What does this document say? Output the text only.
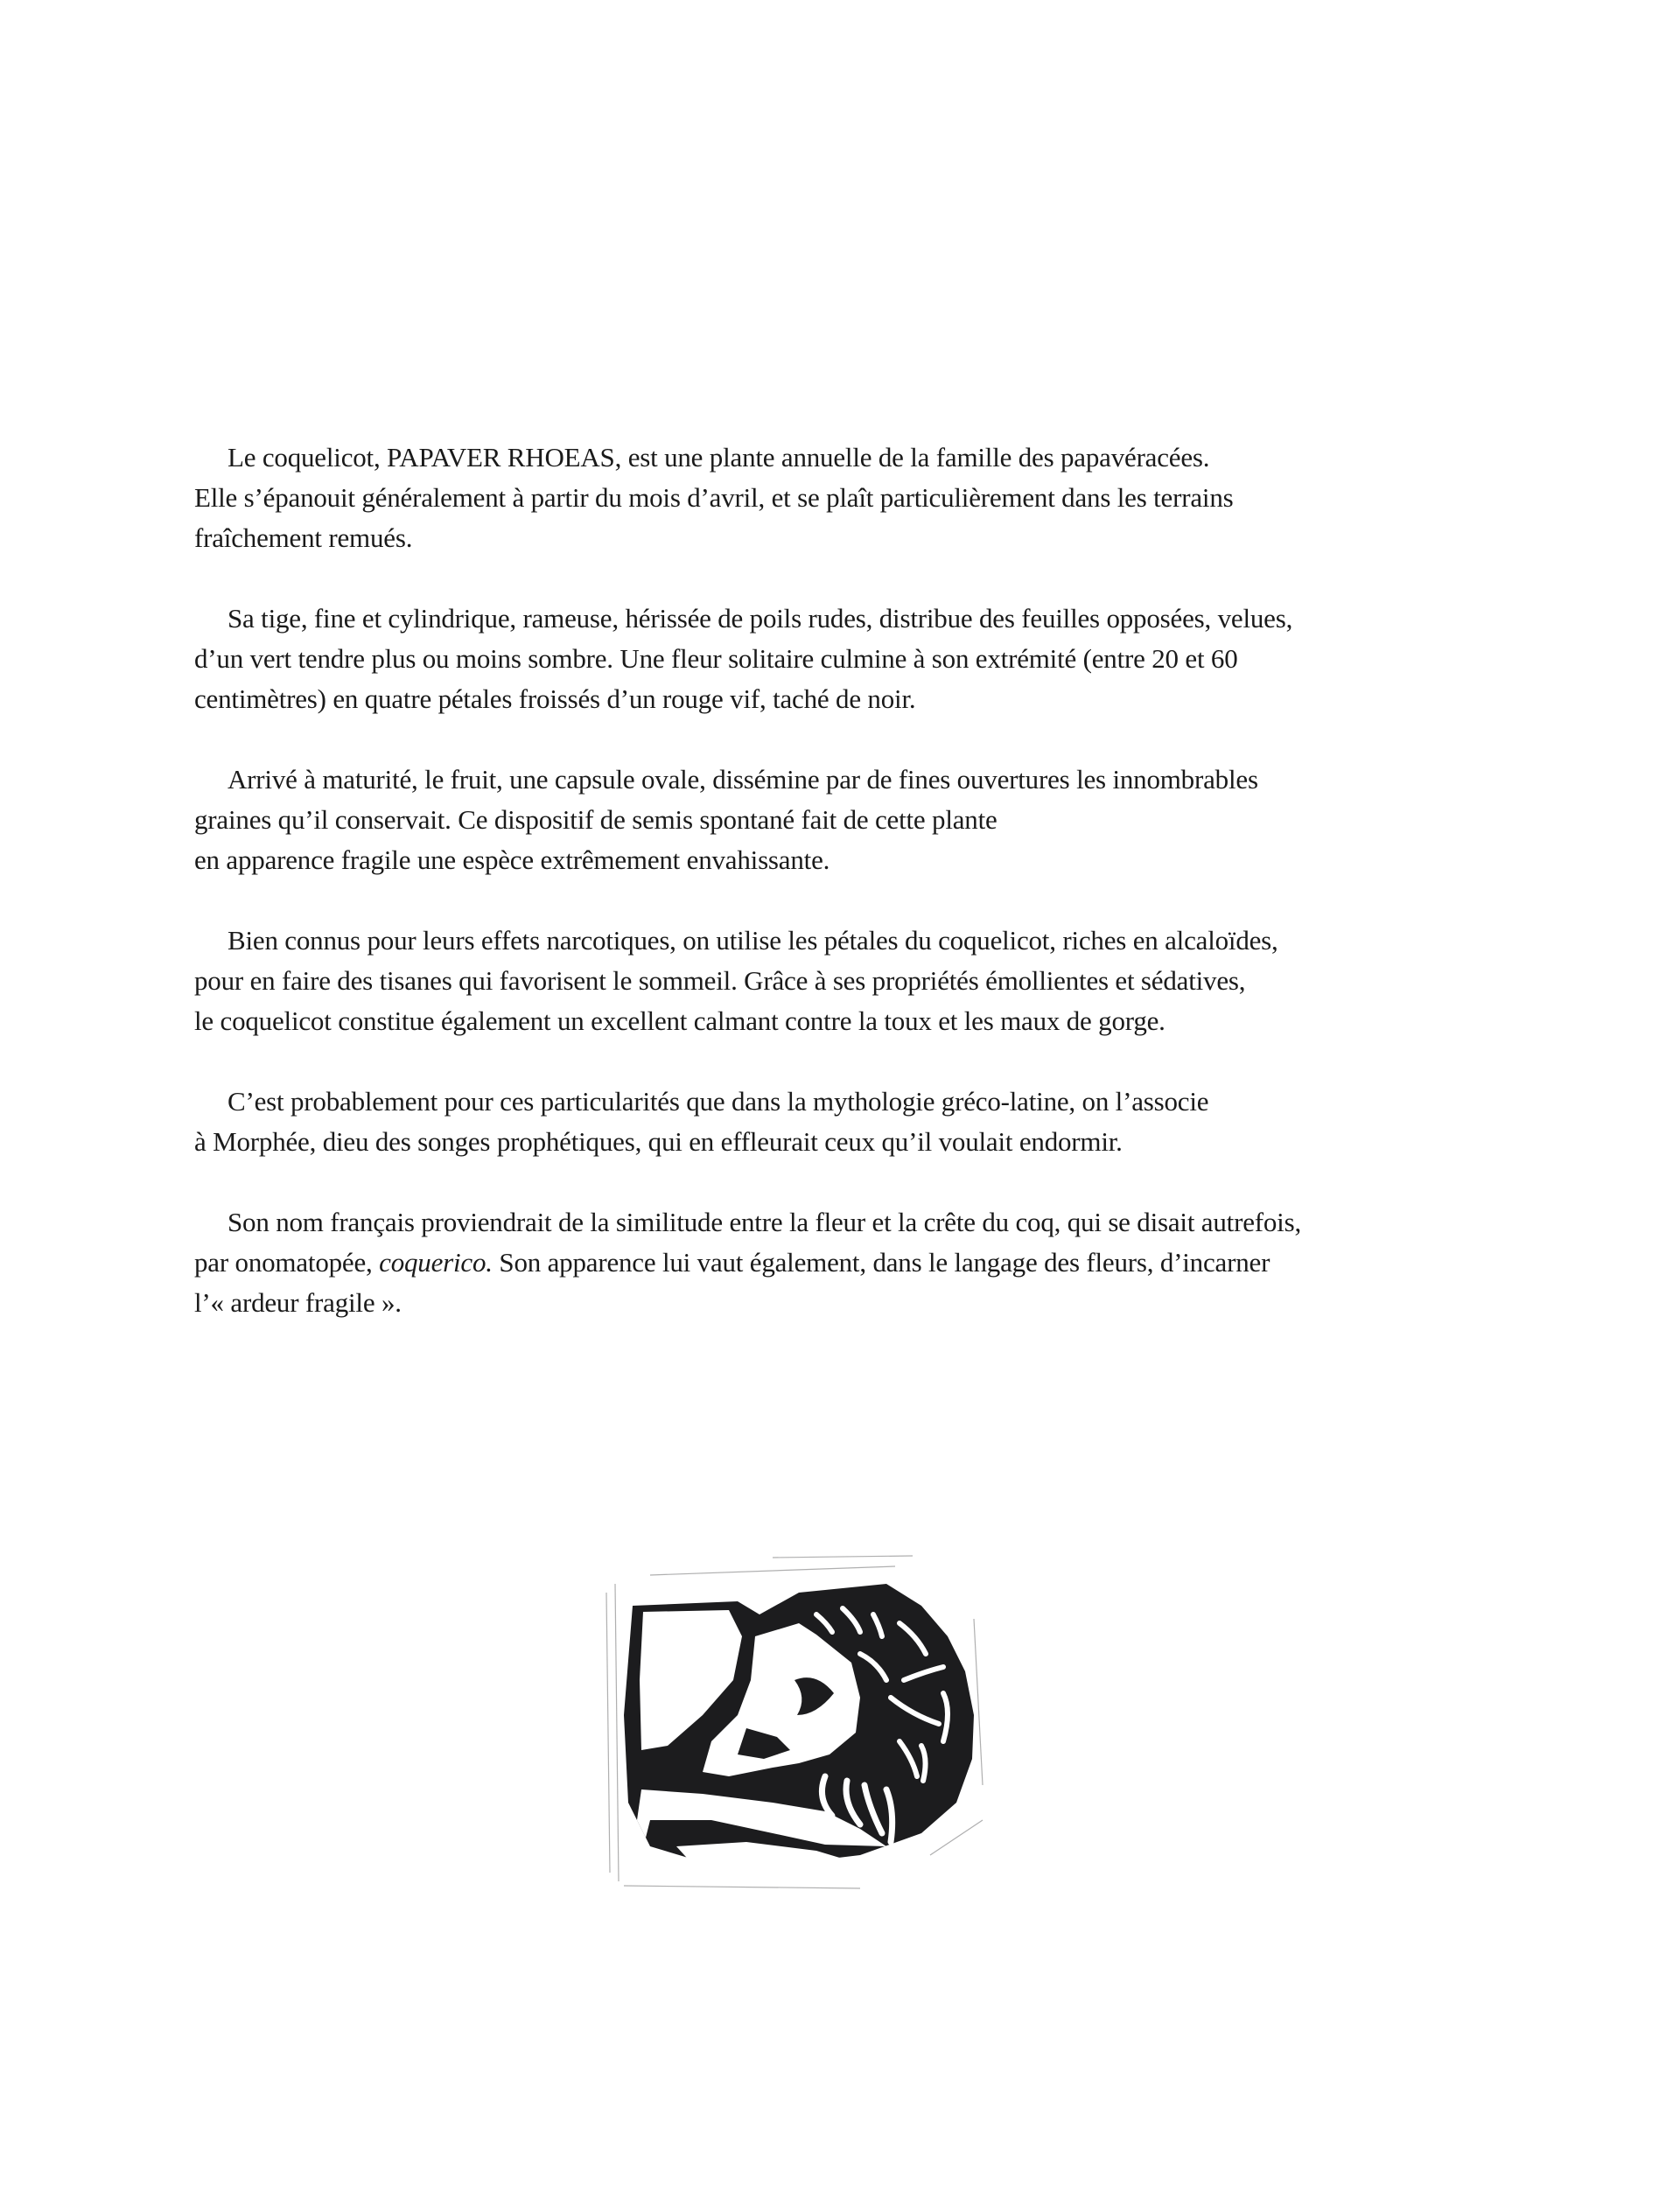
Le coquelicot, PAPAVER RHOEAS, est une plante annuelle de la famille des papavéracées.
Elle s’épanouit généralement à partir du mois d’avril, et se plaît particulièrement dans les terrains
fraîchement remués.

Sa tige, fine et cylindrique, rameuse, hérissée de poils rudes, distribue des feuilles opposées, velues,
d’un vert tendre plus ou moins sombre. Une fleur solitaire culmine à son extrémité (entre 20 et 60
centimètres) en quatre pétales froissés d’un rouge vif, taché de noir.

Arrivé à maturité, le fruit, une capsule ovale, dissémine par de fines ouvertures les innombrables
graines qu’il conservait. Ce dispositif de semis spontané fait de cette plante
en apparence fragile une espèce extrêmement envahissante.

Bien connus pour leurs effets narcotiques, on utilise les pétales du coquelicot, riches en alcaloïdes,
pour en faire des tisanes qui favorisent le sommeil. Grâce à ses propriétés émollientes et sédatives,
le coquelicot constitue également un excellent calmant contre la toux et les maux de gorge.

C’est probablement pour ces particularités que dans la mythologie gréco-latine, on l’associe
à Morphée, dieu des songes prophétiques, qui en effleurait ceux qu’il voulait endormir.

Son nom français proviendrait de la similitude entre la fleur et la crête du coq, qui se disait autrefois,
par onomatopée, coquerico. Son apparence lui vaut également, dans le langage des fleurs, d’incarner
l’« ardeur fragile ».
